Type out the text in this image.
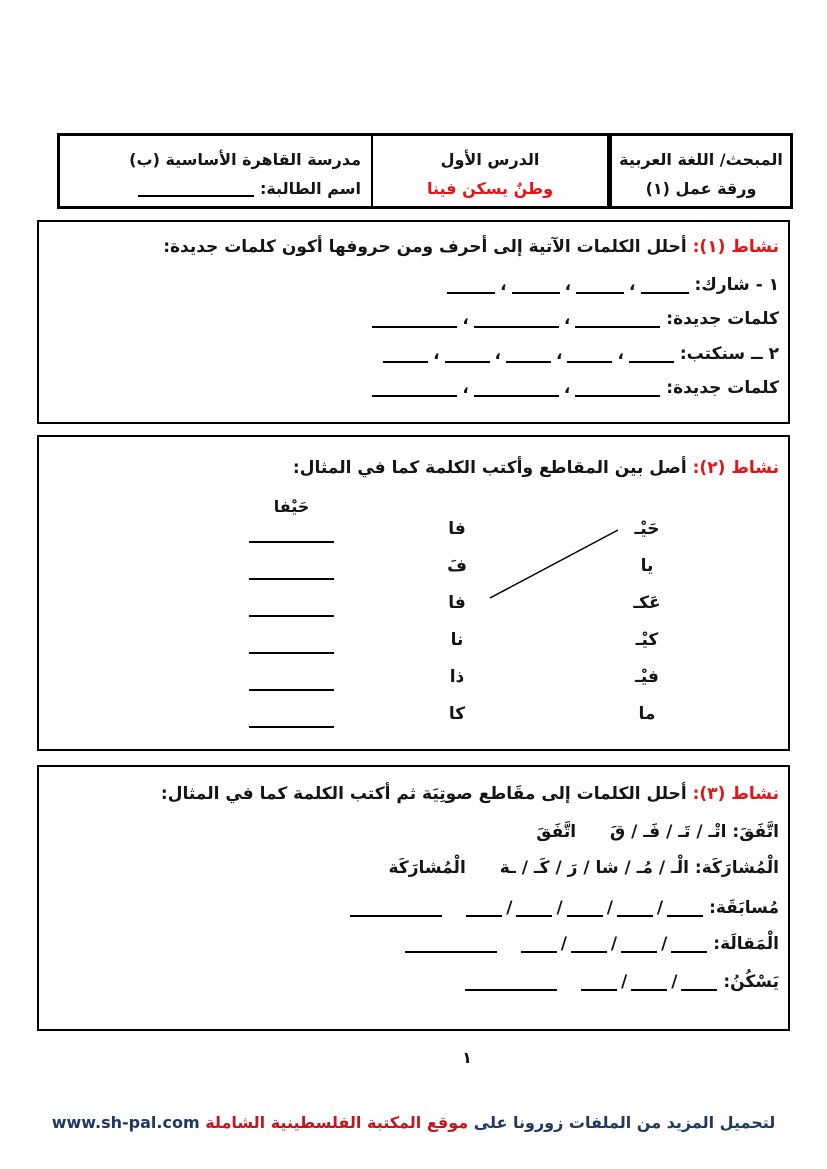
المبحث/ اللغة العربية
ورقة عمل (١)
الدرس الأول
وطنٌ يسكن فينا
مدرسة القاهرة الأساسية (ب)
اسم الطالبة:
نشاط (١): أحلل الكلمات الآتية إلى أحرف ومن حروفها أكون كلمات جديدة:
١ - شارك: ،،،
كلمات جديدة: ،،
٢ ــ سنكتب: ،،،،
كلمات جديدة: ،،
نشاط (٢): أصل بين المقاطع وأكتب الكلمة كما في المثال:
حَيْـ
يا
عَكـ
كيْـ
فيْـ
ما
فا
فَ
فا
نا
ذا
كا
حَيْفا
نشاط (٣): أحلل الكلمات إلى مقَاطع صوتِيَة ثم أكتب الكلمة كما في المثال:
اتَّفَقَ: اتْـ / تَـ / فَـ / قَ اتَّفَقَ
الْمُشارَكَة: الْـ / مُـ / شا / رَ / كَـ / ـة الْمُشارَكَة
مُسابَقَة: ////
الْمَقالَة: ///
يَسْكُنُ: //
١
لتحميل المزيد من الملفات زورونا على موقع المكتبة الفلسطينية الشاملة www.sh-pal.com
